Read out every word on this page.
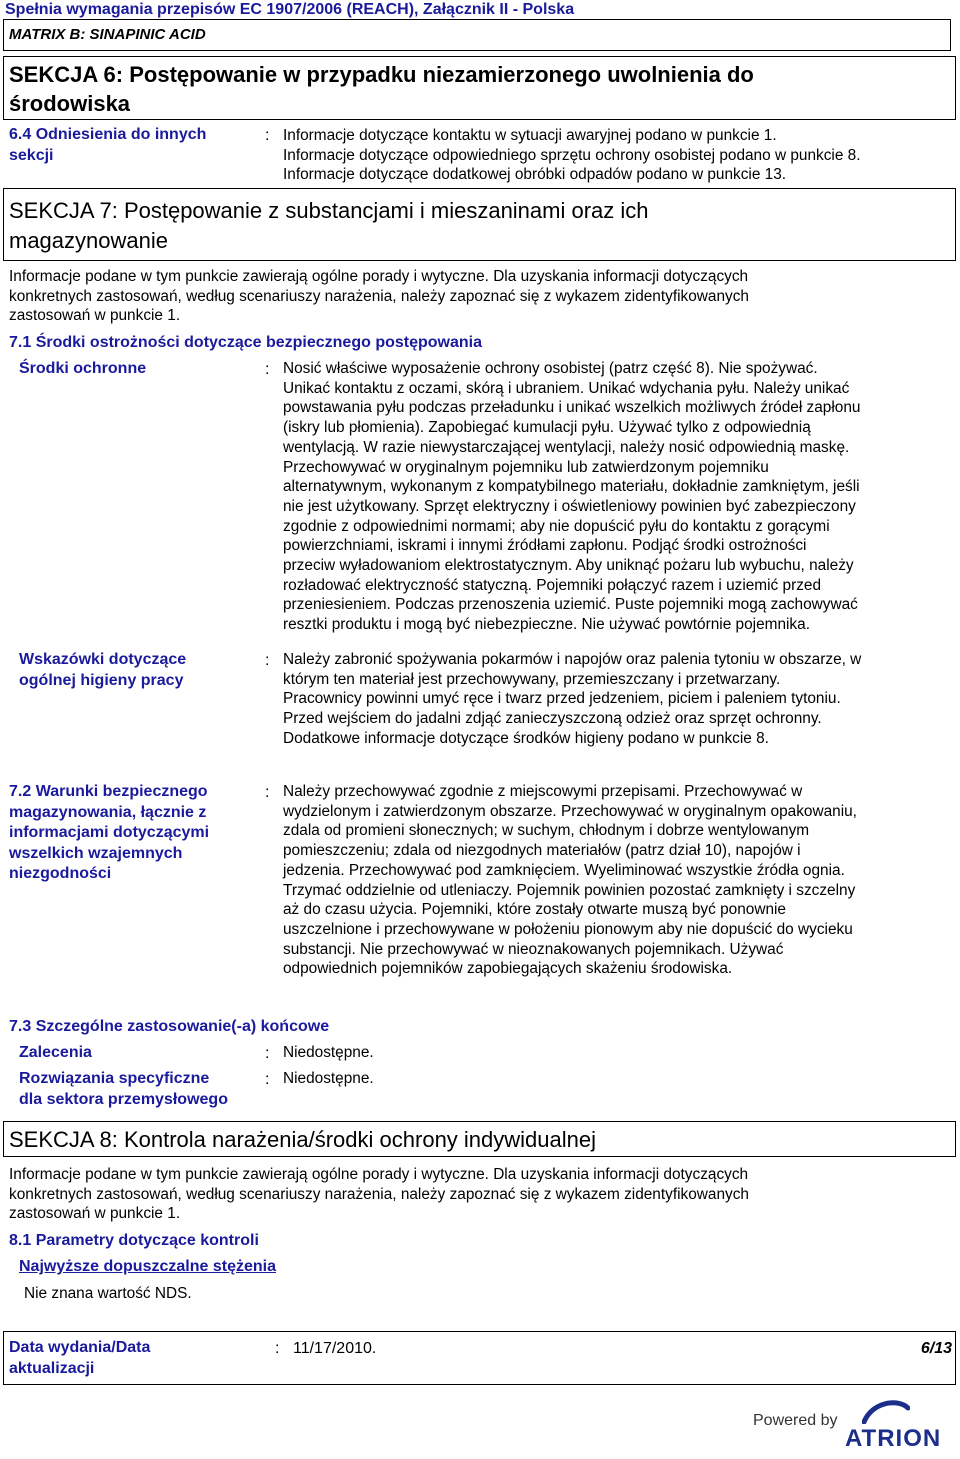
Spełnia wymagania przepisów EC 1907/2006 (REACH), Załącznik II - Polska
MATRIX B: SINAPINIC ACID
SEKCJA 6: Postępowanie w przypadku niezamierzonego uwolnienia do
środowiska
6.4 Odniesienia do innych
sekcji
: Informacje dotyczące kontaktu w sytuacji awaryjnej podano w punkcie 1.
Informacje dotyczące odpowiedniego sprzętu ochrony osobistej podano w punkcie 8.
Informacje dotyczące dodatkowej obróbki odpadów podano w punkcie 13.
SEKCJA 7: Postępowanie z substancjami i mieszaninami oraz ich
magazynowanie
Informacje podane w tym punkcie zawierają ogólne porady i wytyczne. Dla uzyskania informacji dotyczących
konkretnych zastosowań, według scenariuszy narażenia, należy zapoznać się z wykazem zidentyfikowanych
zastosowań w punkcie 1.
7.1 Środki ostrożności dotyczące bezpiecznego postępowania
Środki ochronne	: Nosić właściwe wyposażenie ochrony osobistej (patrz część 8). Nie spożywać.
Unikać kontaktu z oczami, skórą i ubraniem. Unikać wdychania pyłu. Należy unikać
powstawania pyłu podczas przeładunku i unikać wszelkich możliwych źródeł zapłonu
(iskry lub płomienia). Zapobiegać kumulacji pyłu. Używać tylko z odpowiednią
wentylacją. W razie niewystarczającej wentylacji, należy nosić odpowiednią maskę.
Przechowywać w oryginalnym pojemniku lub zatwierdzonym pojemniku
alternatywnym, wykonanym z kompatybilnego materiału, dokładnie zamkniętym, jeśli
nie jest użytkowany. Sprzęt elektryczny i oświetleniowy powinien być zabezpieczony
zgodnie z odpowiednimi normami; aby nie dopuścić pyłu do kontaktu z gorącymi
powierzchniami, iskrami i innymi źródłami zapłonu. Podjąć środki ostrożności
przeciw wyładowaniom elektrostatycznym. Aby uniknąć pożaru lub wybuchu, należy
rozładować elektryczność statyczną. Pojemniki połączyć razem i uziemić przed
przeniesieniem. Podczas przenoszenia uziemić. Puste pojemniki mogą zachowywać
resztki produktu i mogą być niebezpieczne. Nie używać powtórnie pojemnika.
Wskazówki dotyczące
ogólnej higieny pracy
: Należy zabronić spożywania pokarmów i napojów oraz palenia tytoniu w obszarze, w
którym ten materiał jest przechowywany, przemieszczany i przetwarzany.
Pracownicy powinni umyć ręce i twarz przed jedzeniem, piciem i paleniem tytoniu.
Przed wejściem do jadalni zdjąć zanieczyszczoną odzież oraz sprzęt ochronny.
Dodatkowe informacje dotyczące środków higieny podano w punkcie 8.
7.2 Warunki bezpiecznego
magazynowania, łącznie z
informacjami dotyczącymi
wszelkich wzajemnych
niezgodności
: Należy przechowywać zgodnie z miejscowymi przepisami. Przechowywać w
wydzielonym i zatwierdzonym obszarze. Przechowywać w oryginalnym opakowaniu,
zdala od promieni słonecznych; w suchym, chłodnym i dobrze wentylowanym
pomieszczeniu; zdala od niezgodnych materiałów (patrz dział 10), napojów i
jedzenia. Przechowywać pod zamknięciem. Wyeliminować wszystkie źródła ognia.
Trzymać oddzielnie od utleniaczy. Pojemnik powinien pozostać zamknięty i szczelny
aż do czasu użycia. Pojemniki, które zostały otwarte muszą być ponownie
uszczelnione i przechowywane w położeniu pionowym aby nie dopuścić do wycieku
substancji. Nie przechowywać w nieoznakowanych pojemnikach. Używać
odpowiednich pojemników zapobiegających skażeniu środowiska.
7.3 Szczególne zastosowanie(-a) końcowe
Zalecenia	: Niedostępne.
Rozwiązania specyficzne
dla sektora przemysłowego
: Niedostępne.
SEKCJA 8: Kontrola narażenia/środki ochrony indywidualnej
Informacje podane w tym punkcie zawierają ogólne porady i wytyczne. Dla uzyskania informacji dotyczących
konkretnych zastosowań, według scenariuszy narażenia, należy zapoznać się z wykazem zidentyfikowanych
zastosowań w punkcie 1.
8.1 Parametry dotyczące kontroli
Najwyższe dopuszczalne stężenia
Nie znana wartość NDS.
Data wydania/Data
aktualizacji
: 11/17/2010.	6/13
Powered by
ATRION
